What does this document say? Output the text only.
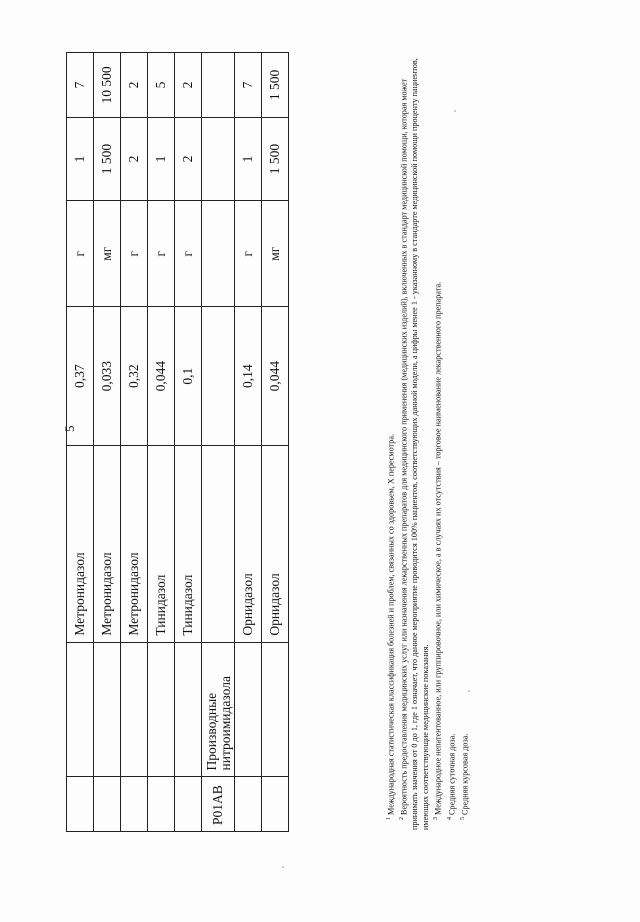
5
		Метронидазол	0,37	г	1	7
		Метронидазол	0,033	мг	1 500	10 500
		Метронидазол	0,32	г	2	2
		Тинидазол	0,044	г	1	5
		Тинидазол	0,1	г	2	2
P01AB	Производные нитроимидазола					
		Орнидазол	0,14	г	1	7
		Орнидазол	0,044	мг	1 500	1 500

$^1$ Международная статистическая классификация болезней и проблем, связанных со здоровьем, X пересмотра.

$^2$ Вероятность предоставления медицинских услуг или назначения лекарственных препаратов для медицинского применения (медицинских изделий), включенных в стандарт медицинской помощи, которая может принимать значения от 0 до 1, где 1 означает, что данное мероприятие проводится 100% пациентов, соответствующих данной модели, а цифры менее 1 - указанному в стандарте медицинской помощи проценту пациентов, имеющих соответствующие медицинские показания. $^3$ Международное непатентованное, или группировочное, или химическое, а в случаях их отсутствия – торговое наименование лекарственного препарата.

$^4$ Средняя суточная доза.

$^5$ Средняя курсовая доза.
